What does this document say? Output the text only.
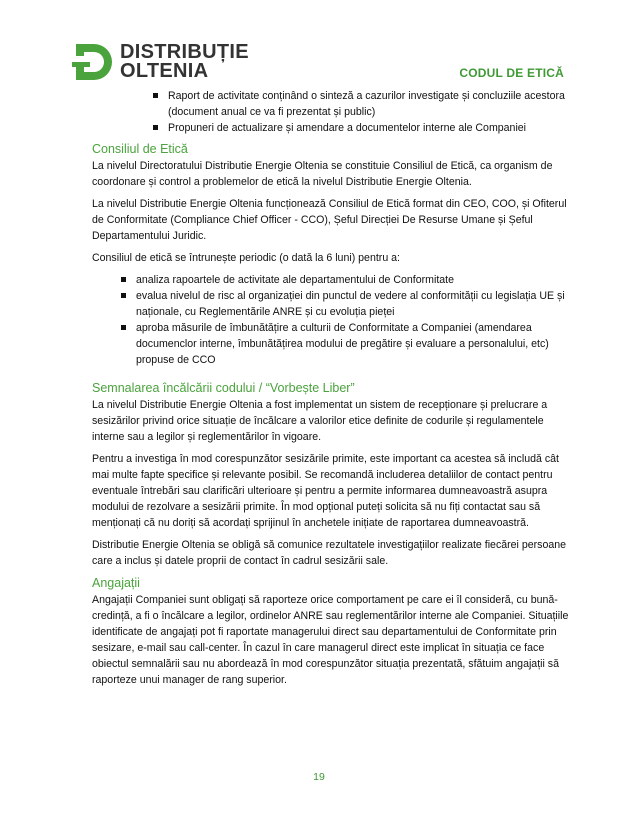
DISTRIBUȚIE
OLTENIA	CODUL DE ETICĂ
Raport de activitate conținând o sinteză a cazurilor investigate și concluziile acestora (document anual ce va fi prezentat și public)
Propuneri de actualizare și amendare a documentelor interne ale Companiei
Consiliul de Etică

La nivelul Directoratului Distributie Energie Oltenia se constituie Consiliul de Etică, ca organism de coordonare și control a problemelor de etică la nivelul Distributie Energie Oltenia.

La nivelul Distributie Energie Oltenia funcționează Consiliul de Etică format din CEO, COO, și Ofiterul de Conformitate (Compliance Chief Officer - CCO), Șeful Direcției De Resurse Umane și Șeful Departamentului Juridic.

Consiliul de etică se întrunește periodic (o dată la 6 luni) pentru a:

analiza rapoartele de activitate ale departamentului de Conformitate
evalua nivelul de risc al organizației din punctul de vedere al conformității cu legislația UE și naționale, cu Reglementările ANRE și cu evoluția pieței
aproba măsurile de îmbunătățire a culturii de Conformitate a Companiei (amendarea documenclor interne, îmbunătățirea modului de pregătire și evaluare a personalului, etc) propuse de CCO
Semnalarea încălcării codului / “Vorbește Liber”

La nivelul Distributie Energie Oltenia a fost implementat un sistem de recepționare și prelucrare a sesizărilor privind orice situație de încălcare a valorilor etice definite de codurile și regulamentele interne sau a legilor și reglementărilor în vigoare.

Pentru a investiga în mod corespunzător sesizările primite, este important ca acestea să includă cât mai multe fapte specifice și relevante posibil. Se recomandă includerea detaliilor de contact pentru eventuale întrebări sau clarificări ulterioare și pentru a permite informarea dumneavoastră asupra modului de rezolvare a sesizării primite. În mod opțional puteți solicita să nu fiți contactat sau să menționați că nu doriți să acordați sprijinul în anchetele inițiate de raportarea dumneavoastră.

Distributie Energie Oltenia se obligă să comunice rezultatele investigațiilor realizate fiecărei persoane care a inclus și datele proprii de contact în cadrul sesizării sale.

Angajații

Angajații Companiei sunt obligați să raporteze orice comportament pe care ei îl consideră, cu bună-credință, a fi o încălcare a legilor, ordinelor ANRE sau reglementărilor interne ale Companiei. Situațiile identificate de angajați pot fi raportate managerului direct sau departamentului de Conformitate prin sesizare, e-mail sau call-center. În cazul în care managerul direct este implicat în situația ce face obiectul semnalării sau nu abordează în mod corespunzător situația prezentată, sfătuim angajații să raporteze unui manager de rang superior.

19
